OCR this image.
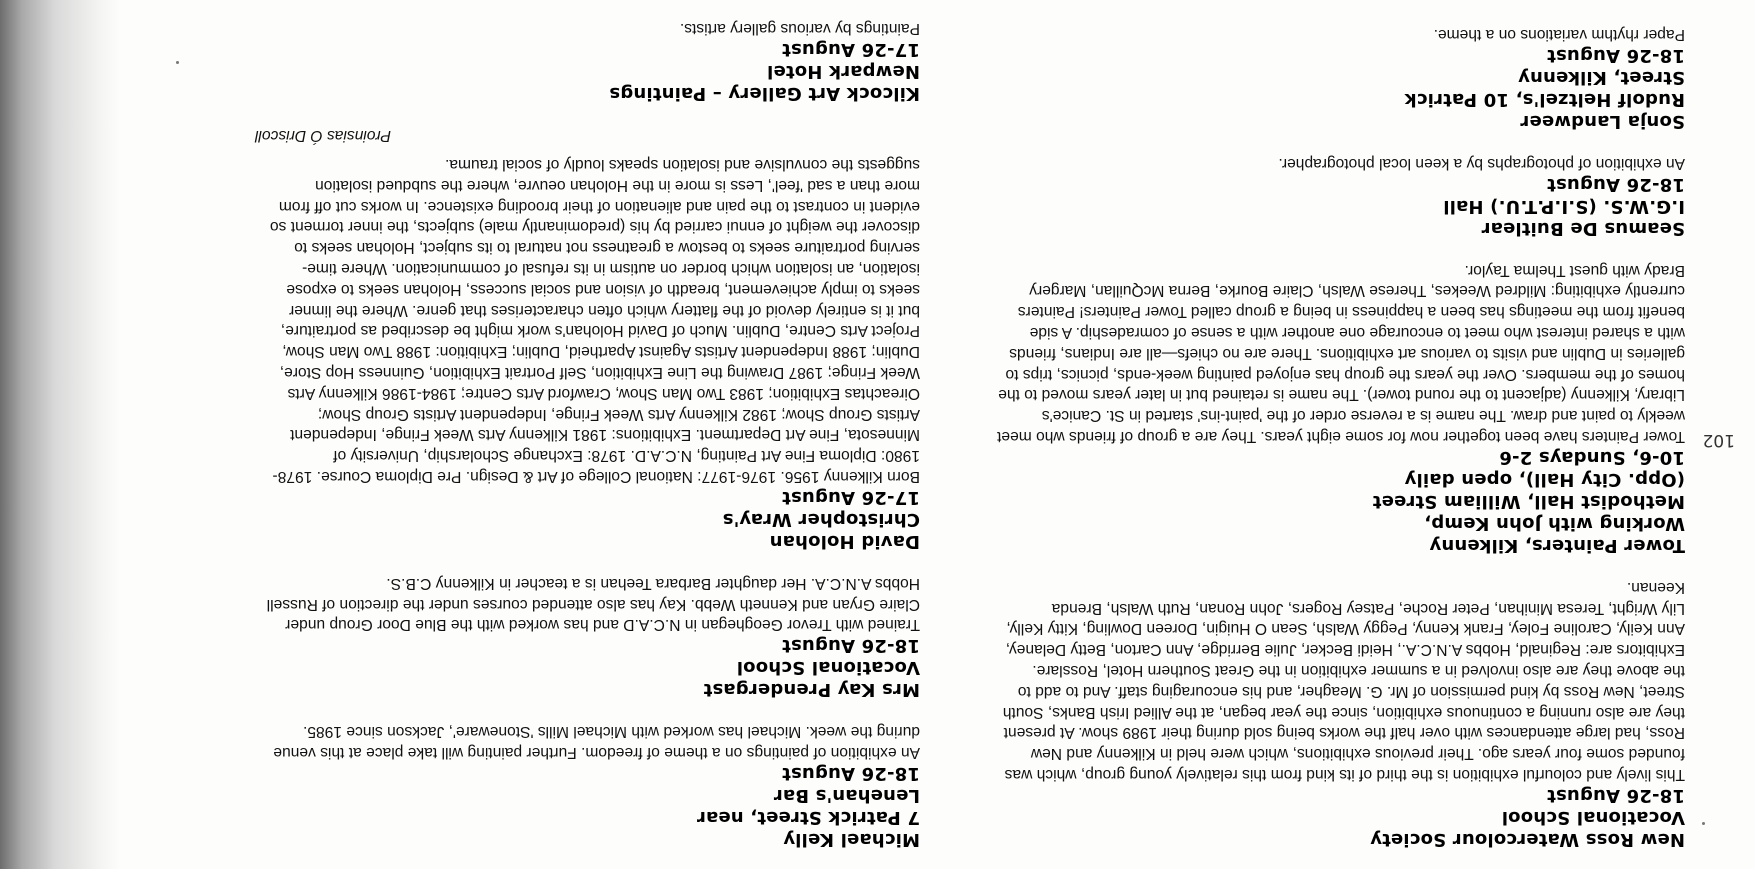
102
New Ross Watercolour Society
Vocational School
18-26 August
This lively and colourful exhibition is the third of its kind from this relatively young group, which was founded some four years ago. Their previous exhibitions, which were held in Kilkenny and New Ross, had large attendances with over half the works being sold during their 1989 show. At present they are also running a continuous exhibition, since the year began, at the Allied Irish Banks, South Street, New Ross by kind permission of Mr. G. Meagher, and his encouraging staff. And to add to the above they are also involved in a summer exhibition in the Great Southern Hotel, Rosslare. Exhibitors are: Reginald, Hobbs A.N.C.A., Heidi Becker, Julie Berridge, Ann Carton, Betty Delaney, Ann Keily, Caroline Foley, Frank Kenny, Peggy Walsh, Sean O Huigin, Doreen Dowling, Kitty Kelly, Lily Wright, Teresa Minihan, Peter Roche, Patsey Rogers, John Ronan, Ruth Walsh, Brenda Keenan.
Tower Painters, Kilkenny
Working with John Kemp,
Methodist Hall, William Street
(Opp. City Hall), open daily
10-6, Sundays 2-6
Tower Painters have been together now for some eight years. They are a group of friends who meet weekly to paint and draw. The name is a reverse order of the 'paint-ins' started in St. Canice's Library, Kilkenny (adjacent to the round tower). The name is retained but in later years moved to the homes of the members. Over the years the group has enjoyed painting week-ends, picnics, trips to galleries in Dublin and visits to various art exhibitions. There are no chiefs—all are Indians, friends with a shared interest who meet to encourage one another with a sense of comradeship. A side benefit from the meetings has been a happiness in being a group called Tower Painters! Painters currently exhibiting: Mildred Weekes, Therese Walsh, Claire Bourke, Berna McQuillan, Margery Brady with guest Thelma Taylor.
Seamus De Buitlear
I.G.W.S. (S.I.P.T.U.) Hall
18-26 August
An exhibition of photographs by a keen local photographer.
Sonja Landweer
Rudolf Heltzel's, 10 Patrick
Street, Kilkenny
18-26 August
Paper rhythm variations on a theme.
Michael Kelly
7 Patrick Street, near
Lenehan's Bar
18-26 August
An exhibition of paintings on a theme of freedom. Further painting will take place at this venue during the week. Michael has worked with Michael Mills 'Stoneware', Jackson since 1985.
Mrs Kay Prendergast
Vocational School
18-26 August
Trained with Trevor Geoghegan in N.C.A.D and has worked with the Blue Door Group under Claire Gryan and Kenneth Webb. Kay has also attended courses under the direction of Russell Hobbs A.N.C.A. Her daughter Barbara Teehan is a teacher in Kilkenny C.B.S.
David Holohan
Christopher Wray's
17-26 August
Born Kilkenny 1956. 1976-1977: National College of Art & Design. Pre Diploma Course. 1978-1980: Diploma Fine Art Painting, N.C.A.D. 1978: Exchange Scholarship, University of Minnesota, Fine Art Department. Exhibitions: 1981 Kilkenny Arts Week Fringe, Independent Artists Group Show; 1982 Kilkenny Arts Week Fringe, Independent Artists Group Show; Oireachtas Exhibition; 1983 Two Man Show, Crawford Arts Centre; 1984-1986 Kilkenny Arts Week Fringe; 1987 Drawing the Line Exhibition, Self Portrait Exhibition, Guinness Hop Store, Dublin; 1988 Independent Artists Against Apartheid, Dublin; Exhibition: 1988 Two Man Show, Project Arts Centre, Dublin. Much of David Holohan's work might be described as portraiture, but it is entirely devoid of the flattery which often characterises that genre. Where the limner seeks to imply achievement, breadth of vision and social success, Holohan seeks to expose isolation, an isolation which border on autism in its refusal of communication. Where time-serving portraiture seeks to bestow a greatness not natural to its subject, Holohan seeks to discover the weight of ennui carried by his (predominantly male) subjects, the inner torment so evident in contrast to the pain and alienation of their brooding existence. In works cut off from more than a sad 'feel', Less is more in the Holohan oeuvre, where the subdued isolation suggests the convulsive and isolation speaks loudly of social trauma.
Proinsias Ó Driscoll
Kilcock Art Gallery – Paintings
Newpark Hotel
17-26 August
Paintings by various gallery artists.
